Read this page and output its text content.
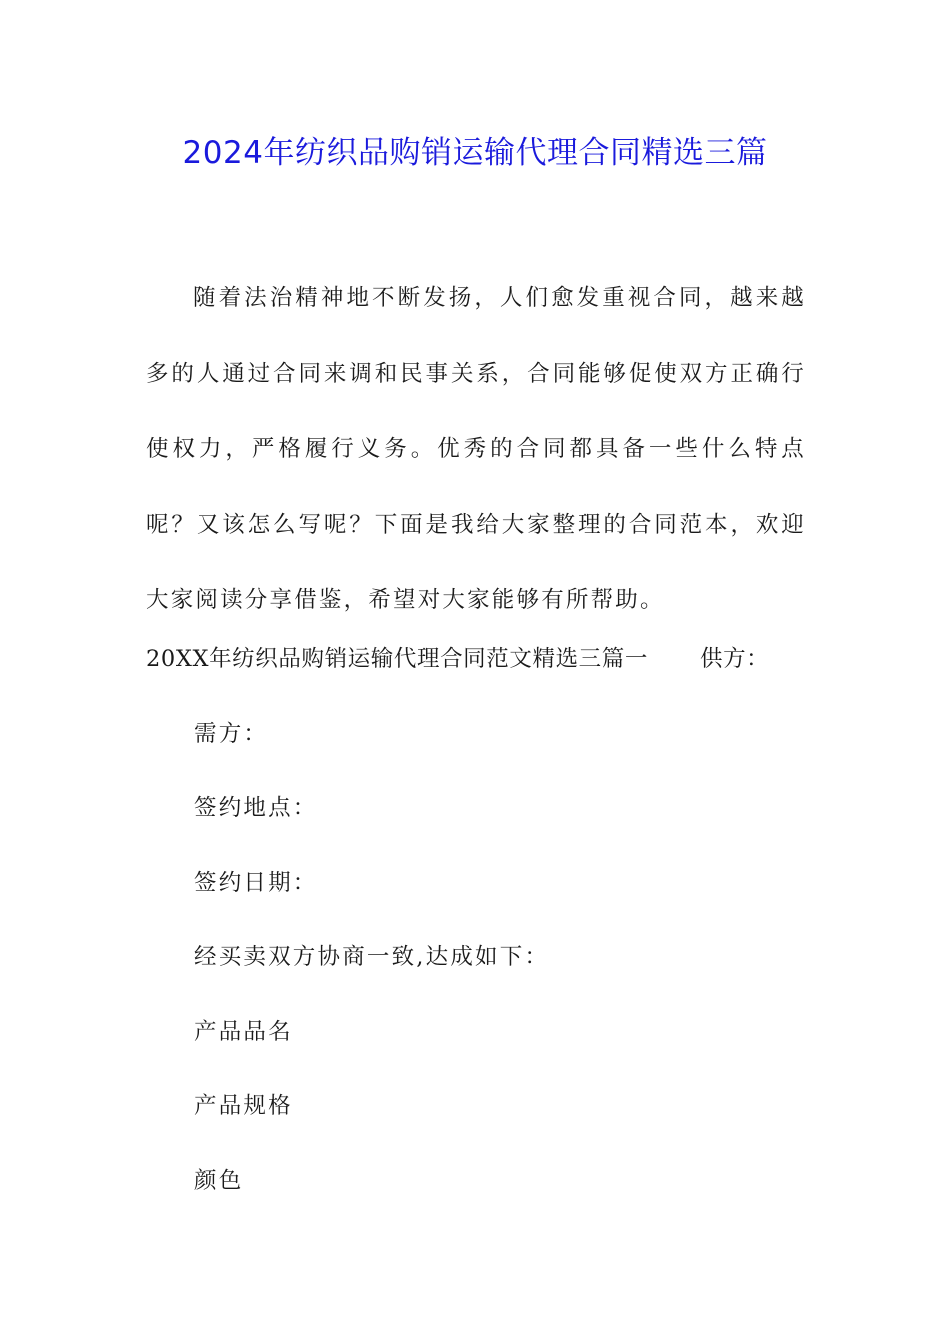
2024年纺织品购销运输代理合同精选三篇

随着法治精神地不断发扬，人们愈发重视合同，越来越多的人通过合同来调和民事关系，合同能够促使双方正确行使权力，严格履行义务。优秀的合同都具备一些什么特点呢？又该怎么写呢？下面是我给大家整理的合同范本，欢迎大家阅读分享借鉴，希望对大家能够有所帮助。

20XX年纺织品购销运输代理合同范文精选三篇一 供方：

需方：

签约地点：

签约日期：

经买卖双方协商一致,达成如下：

产品品名

产品规格

颜色
